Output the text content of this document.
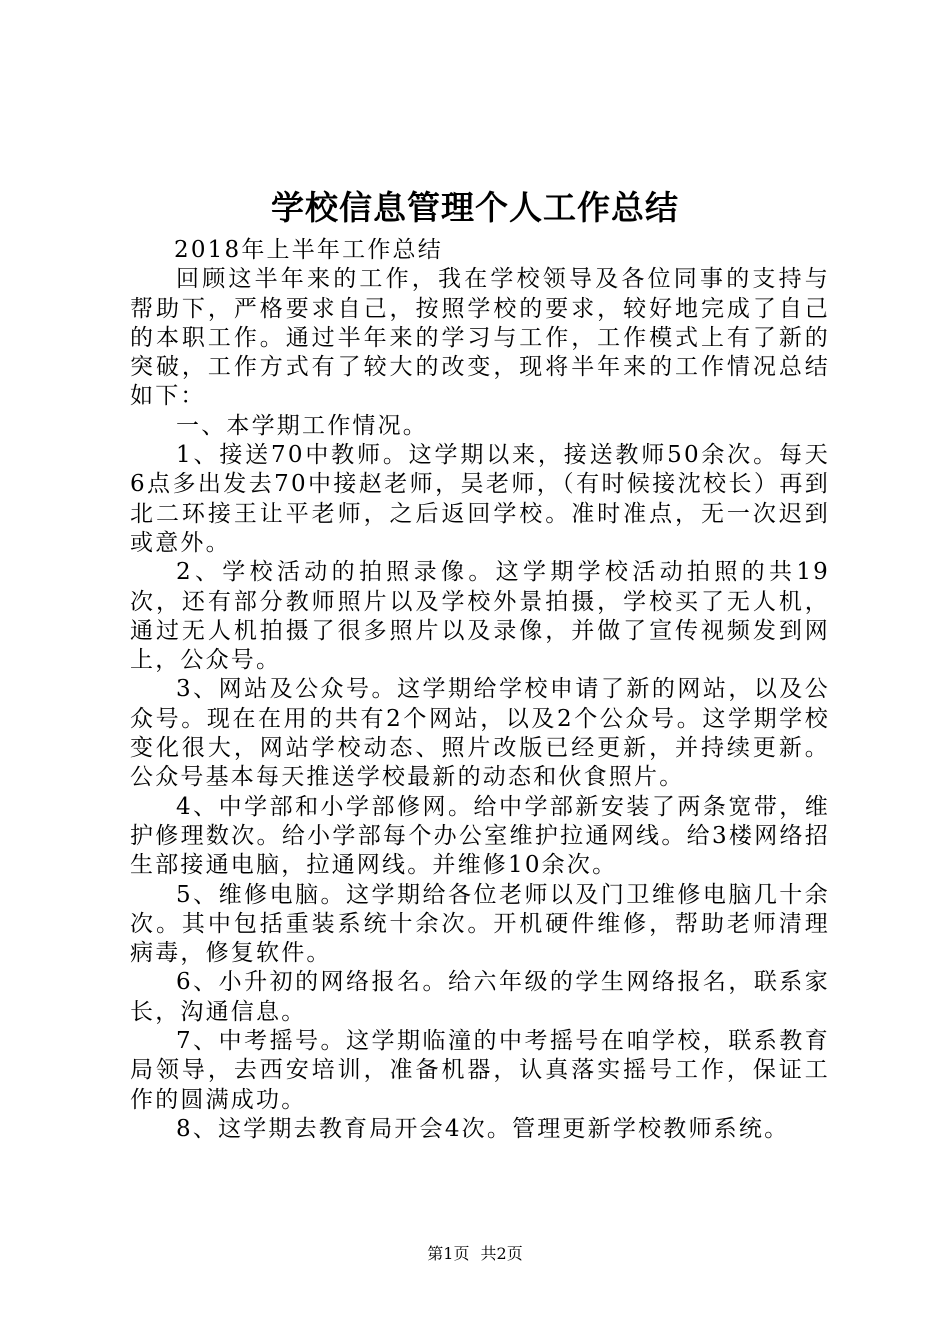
学校信息管理个人工作总结

2018年上半年工作总结

回顾这半年来的工作，我在学校领导及各位同事的支持与帮助下，严格要求自己，按照学校的要求，较好地完成了自己的本职工作。通过半年来的学习与工作，工作模式上有了新的突破，工作方式有了较大的改变，现将半年来的工作情况总结如下：

一、本学期工作情况。

1、接送70中教师。这学期以来，接送教师50余次。每天6点多出发去70中接赵老师，吴老师，（有时候接沈校长）再到北二环接王让平老师，之后返回学校。准时准点，无一次迟到或意外。

2、学校活动的拍照录像。这学期学校活动拍照的共19次，还有部分教师照片以及学校外景拍摄，学校买了无人机，通过无人机拍摄了很多照片以及录像，并做了宣传视频发到网上，公众号。

3、网站及公众号。这学期给学校申请了新的网站，以及公众号。现在在用的共有2个网站，以及2个公众号。这学期学校变化很大，网站学校动态、照片改版已经更新，并持续更新。公众号基本每天推送学校最新的动态和伙食照片。

4、中学部和小学部修网。给中学部新安装了两条宽带，维护修理数次。给小学部每个办公室维护拉通网线。给3楼网络招生部接通电脑，拉通网线。并维修10余次。

5、维修电脑。这学期给各位老师以及门卫维修电脑几十余次。其中包括重装系统十余次。开机硬件维修，帮助老师清理病毒，修复软件。

6、小升初的网络报名。给六年级的学生网络报名，联系家长，沟通信息。

7、中考摇号。这学期临潼的中考摇号在咱学校，联系教育局领导，去西安培训，准备机器，认真落实摇号工作，保证工作的圆满成功。

8、这学期去教育局开会4次。管理更新学校教师系统。

第1页 共2页
